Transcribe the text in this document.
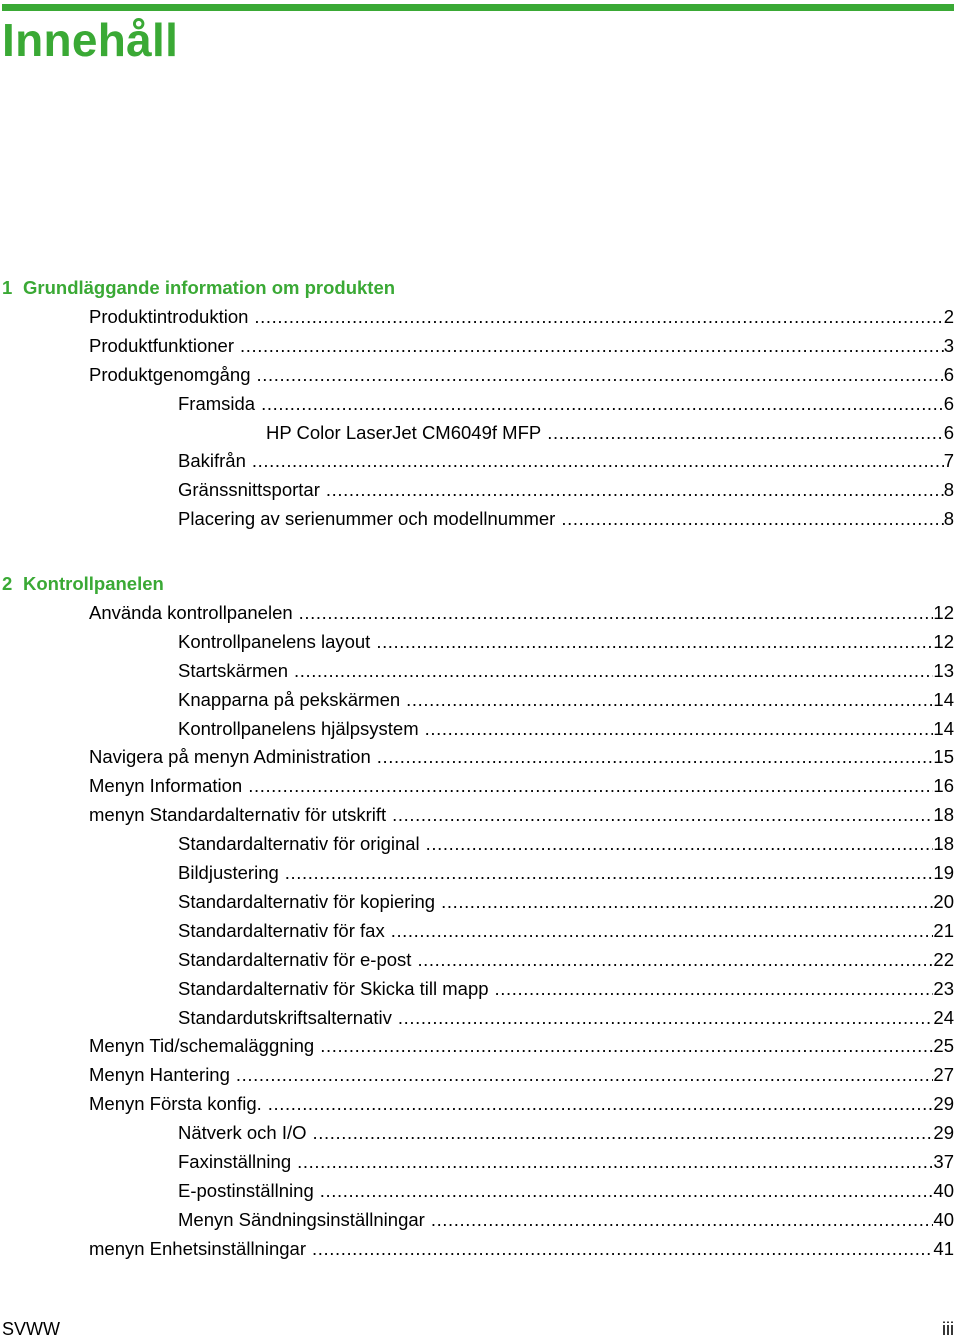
Innehåll
1 Grundläggande information om produkten
Produktintroduktion .....	2
Produktfunktioner .....	3
Produktgenomgång .....	6
Framsida .....	6
HP Color LaserJet CM6049f MFP .....	6
Bakifrån .....	7
Gränssnittsportar .....	8
Placering av serienummer och modellnummer .....	8
2 Kontrollpanelen
Använda kontrollpanelen .....	12
Kontrollpanelens layout .....	12
Startskärmen .....	13
Knapparna på pekskärmen .....	14
Kontrollpanelens hjälpsystem .....	14
Navigera på menyn Administration .....	15
Menyn Information .....	16
menyn Standardalternativ för utskrift .....	18
Standardalternativ för original .....	18
Bildjustering .....	19
Standardalternativ för kopiering .....	20
Standardalternativ för fax .....	21
Standardalternativ för e-post .....	22
Standardalternativ för Skicka till mapp .....	23
Standardutskriftsalternativ .....	24
Menyn Tid/schemaläggning .....	25
Menyn Hantering .....	27
Menyn Första konfig. .....	29
Nätverk och I/O .....	29
Faxinställning .....	37
E-postinställning .....	40
Menyn Sändningsinställningar .....	40
menyn Enhetsinställningar .....	41
SVWW	iii
